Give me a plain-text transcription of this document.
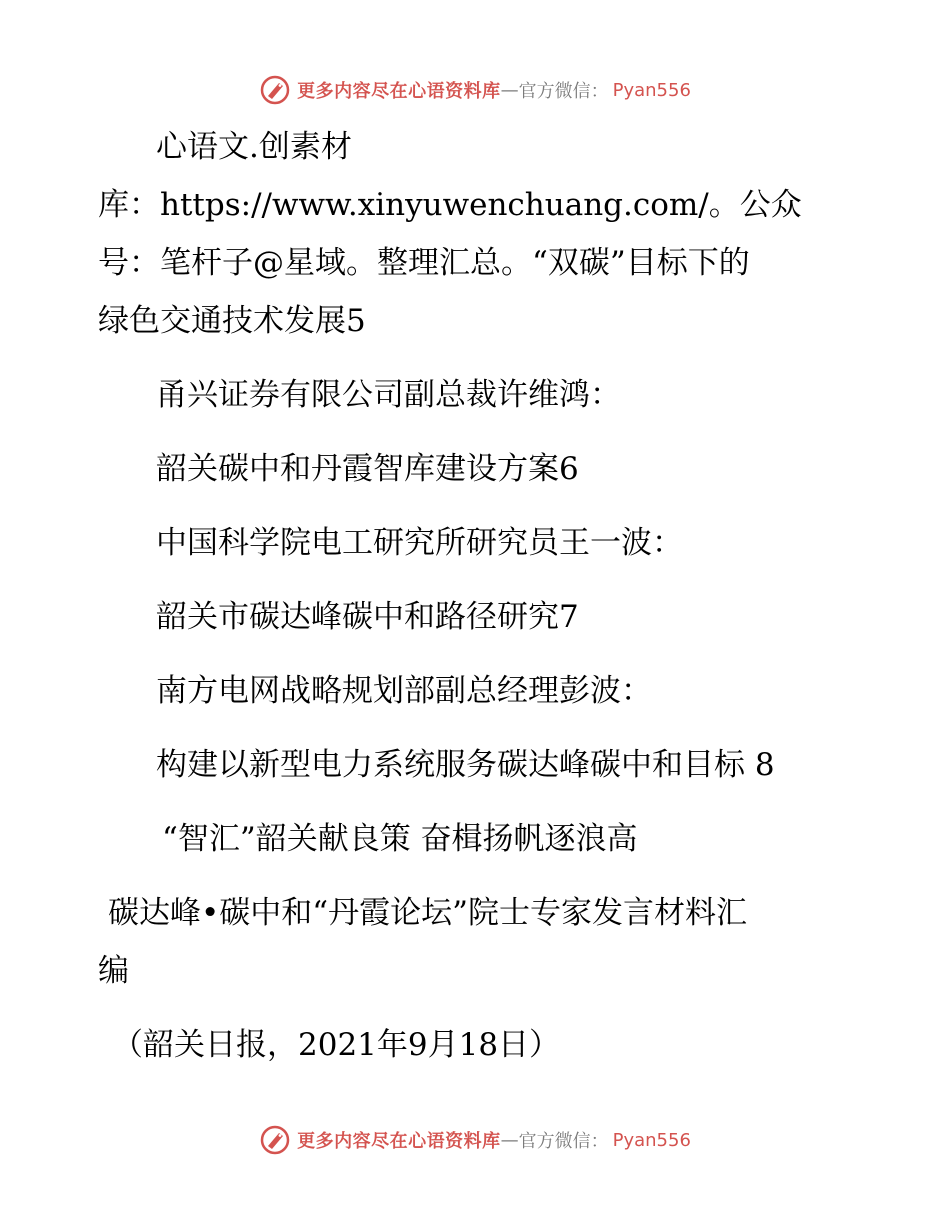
更多内容尽在心语资料库 — 官方微信： Pyan556
心语文.创素材
库：https://www.xinyuwenchuang.com/。公众
号：笔杆子@星域。整理汇总。“双碳”目标下的
绿色交通技术发展5
甬兴证券有限公司副总裁许维鸿：
韶关碳中和丹霞智库建设方案6
中国科学院电工研究所研究员王一波：
韶关市碳达峰碳中和路径研究7
南方电网战略规划部副总经理彭波：
构建以新型电力系统服务碳达峰碳中和目标 8
“智汇”韶关献良策 奋楫扬帆逐浪高
碳达峰•碳中和“丹霞论坛”院士专家发言材料汇
编
（韶关日报，2021年9月18日）
更多内容尽在心语资料库 — 官方微信： Pyan556
